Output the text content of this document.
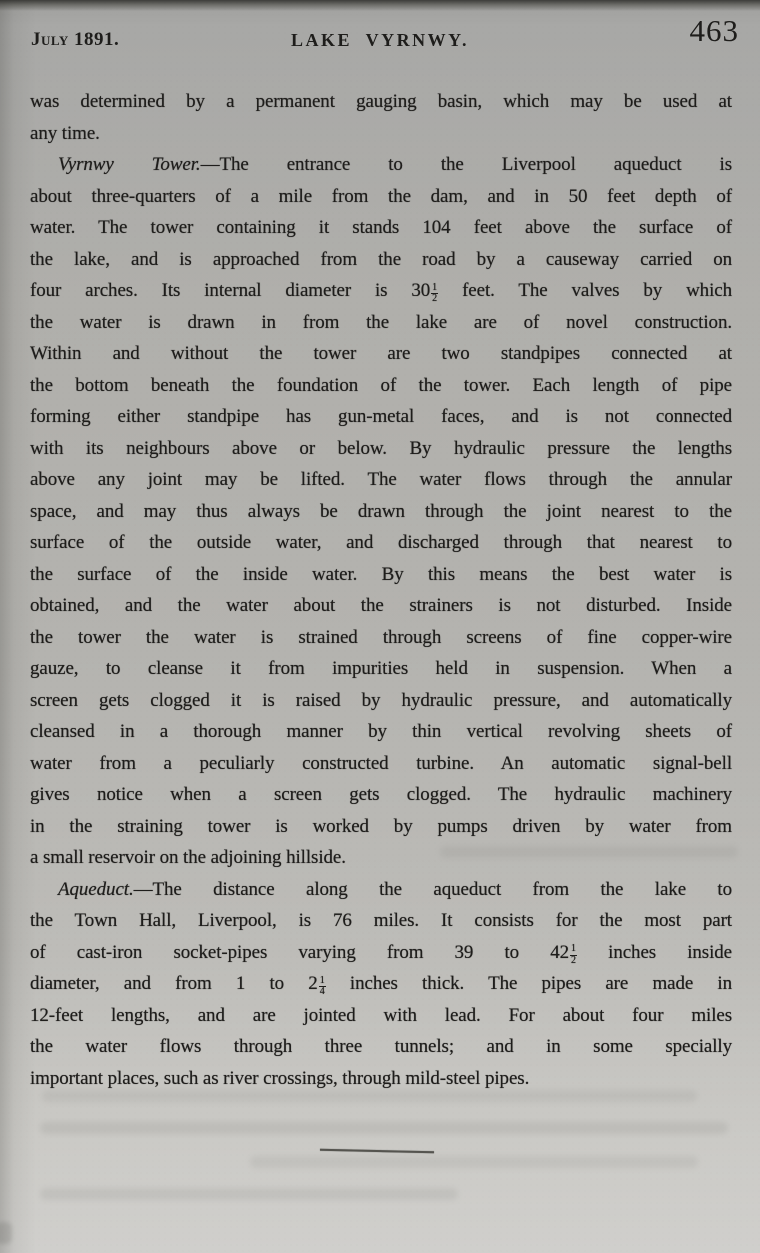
July 1891.	LAKE VYRNWY.	463
was determined by a permanent gauging basin, which may be used at
any time.
Vyrnwy Tower.—The entrance to the Liverpool aqueduct is
about three-quarters of a mile from the dam, and in 50 feet depth of
water. The tower containing it stands 104 feet above the surface of
the lake, and is approached from the road by a causeway carried on
four arches. Its internal diameter is $30 \frac{1}{2}$ feet. The valves by which
the water is drawn in from the lake are of novel construction.
Within and without the tower are two standpipes connected at
the bottom beneath the foundation of the tower. Each length of pipe
forming either standpipe has gun-metal faces, and is not connected
with its neighbours above or below. By hydraulic pressure the lengths
above any joint may be lifted. The water flows through the annular
space, and may thus always be drawn through the joint nearest to the
surface of the outside water, and discharged through that nearest to
the surface of the inside water. By this means the best water is
obtained, and the water about the strainers is not disturbed. Inside
the tower the water is strained through screens of fine copper-wire
gauze, to cleanse it from impurities held in suspension. When a
screen gets clogged it is raised by hydraulic pressure, and automatically
cleansed in a thorough manner by thin vertical revolving sheets of
water from a peculiarly constructed turbine. An automatic signal-bell
gives notice when a screen gets clogged. The hydraulic machinery
in the straining tower is worked by pumps driven by water from
a small reservoir on the adjoining hillside.
Aqueduct.—The distance along the aqueduct from the lake to
the Town Hall, Liverpool, is 76 miles. It consists for the most part
of cast-iron socket-pipes varying from 39 to $42 \frac{1}{2}$ inches inside
diameter, and from 1 to $2 \frac{1}{4}$ inches thick. The pipes are made in
12-feet lengths, and are jointed with lead. For about four miles
the water flows through three tunnels; and in some specially
important places, such as river crossings, through mild-steel pipes.
